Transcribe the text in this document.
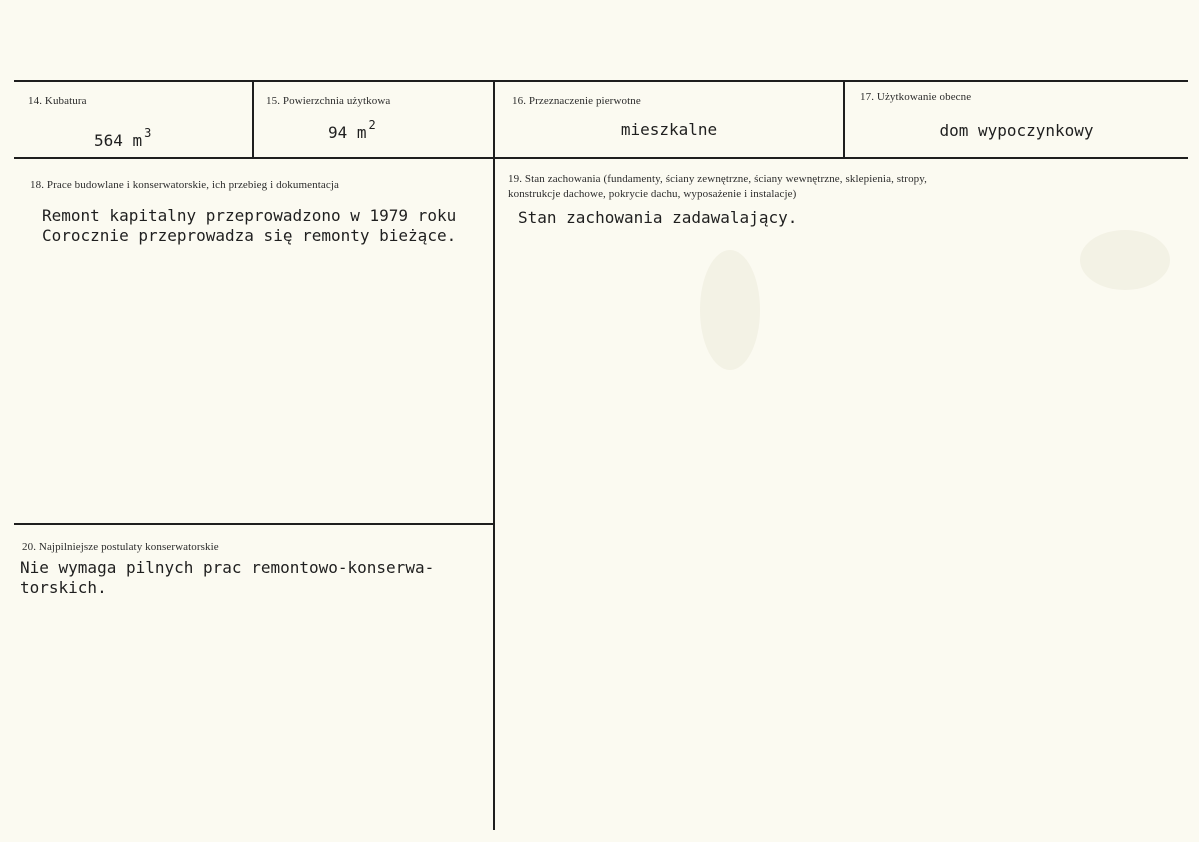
14. Kubatura
564 m $^3$
15. Powierzchnia użytkowa
94 m $^2$
16. Przeznaczenie pierwotne
mieszkalne
17. Użytkowanie obecne
dom wypoczynkowy
18. Prace budowlane i konserwatorskie, ich przebieg i dokumentacja
Remont kapitalny przeprowadzono w 1979 roku
Corocznie przeprowadza się remonty bieżące.
19. Stan zachowania (fundamenty, ściany zewnętrzne, ściany wewnętrzne, sklepienia, stropy,
konstrukcje dachowe, pokrycie dachu, wyposażenie i instalacje)
Stan zachowania zadawalający.
20. Najpilniejsze postulaty konserwatorskie
Nie wymaga pilnych prac remontowo-konserwa-
torskich.
